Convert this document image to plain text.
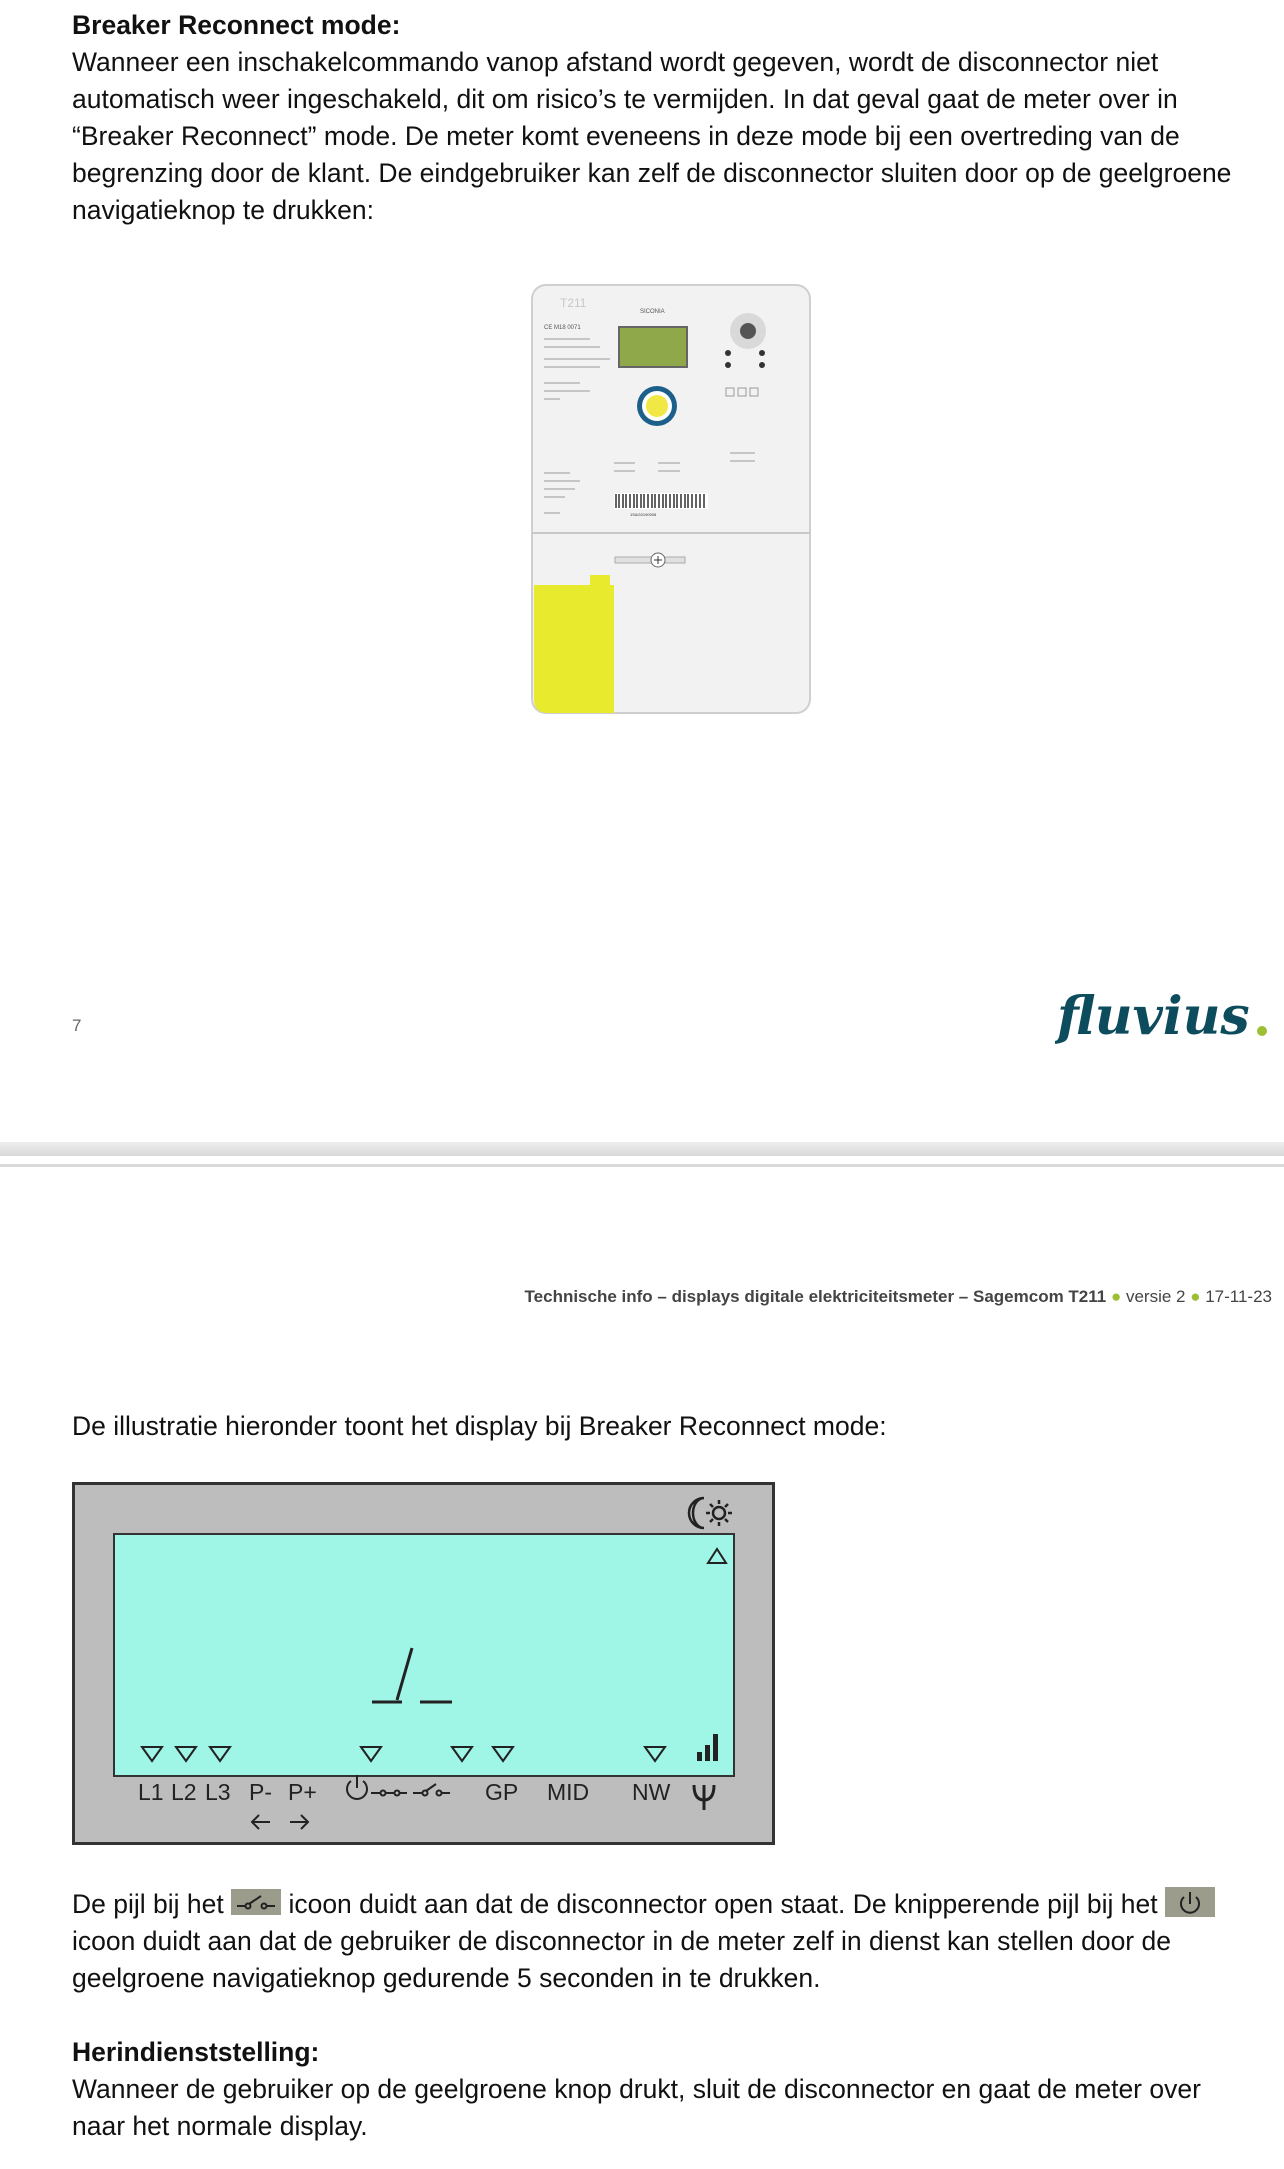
Breaker Reconnect mode:
Wanneer een inschakelcommando vanop afstand wordt gegeven, wordt de disconnector niet
automatisch weer ingeschakeld, dit om risico’s te vermijden. In dat geval gaat de meter over in
“Breaker Reconnect” mode. De meter komt eveneens in deze mode bij een overtreding van de
begrenzing door de klant. De eindgebruiker kan zelf de disconnector sluiten door op de geelgroene
navigatieknop te drukken:
T211
SICONIA
CE M18 0071
1SAG0190008
7	fluvius
Technische info – displays digitale elektriciteitsmeter – Sagemcom T211 ● versie 2 ● 17-11-23
De illustratie hieronder toont het display bij Breaker Reconnect mode:
L1 L2 L3 P- P+	GP MID NW
De pijl bij het  icoon duidt aan dat de disconnector open staat. De knipperende pijl bij het
icoon duidt aan dat de gebruiker de disconnector in de meter zelf in dienst kan stellen door de
geelgroene navigatieknop gedurende 5 seconden in te drukken.
Herindienststelling:
Wanneer de gebruiker op de geelgroene knop drukt, sluit de disconnector en gaat de meter over
naar het normale display.
